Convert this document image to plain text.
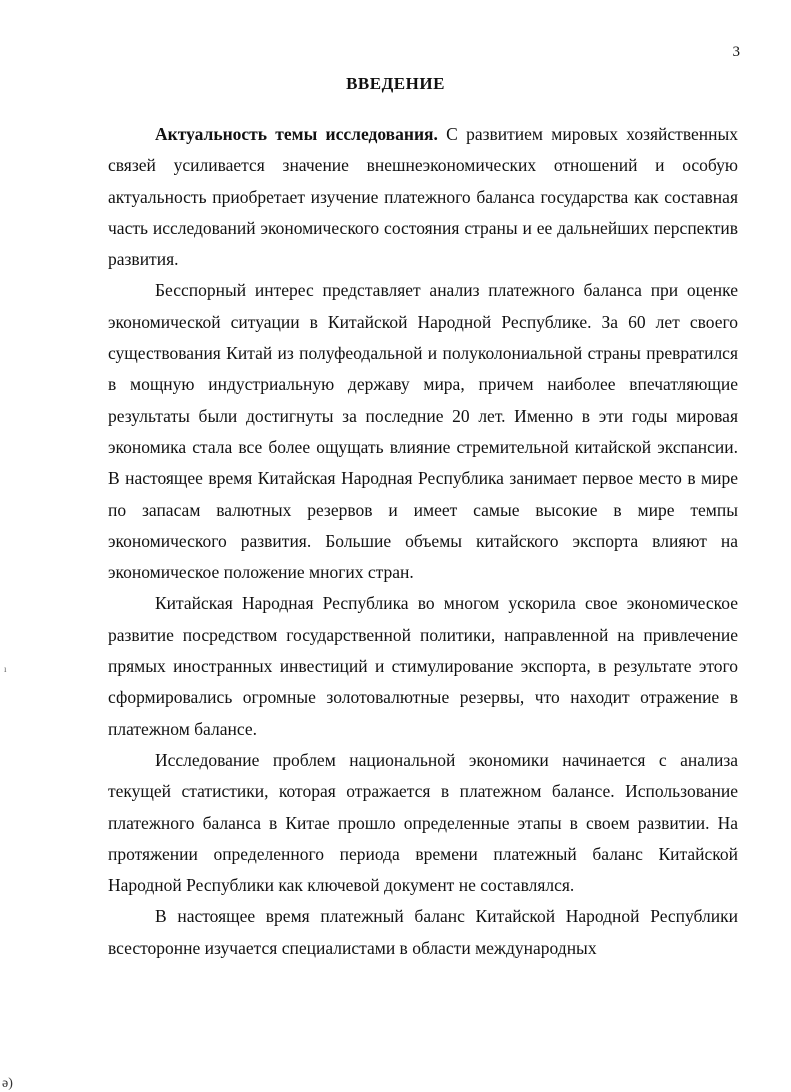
3
ВВЕДЕНИЕ

Актуальность темы исследования. С развитием мировых хозяйственных связей усиливается значение внешнеэкономических отношений и особую актуальность приобретает изучение платежного баланса государства как составная часть исследований экономического состояния страны и ее дальнейших перспектив развития.

Бесспорный интерес представляет анализ платежного баланса при оценке экономической ситуации в Китайской Народной Республике. За 60 лет своего существования Китай из полуфеодальной и полуколониальной страны превратился в мощную индустриальную державу мира, причем наиболее впечатляющие результаты были достигнуты за последние 20 лет. Именно в эти годы мировая экономика стала все более ощущать влияние стремительной китайской экспансии. В настоящее время Китайская Народная Республика занимает первое место в мире по запасам валютных резервов и имеет самые высокие в мире темпы экономического развития. Большие объемы китайского экспорта влияют на экономическое положение многих стран.

Китайская Народная Республика во многом ускорила свое экономическое развитие посредством государственной политики, направленной на привлечение прямых иностранных инвестиций и стимулирование экспорта, в результате этого сформировались огромные золотовалютные резервы, что находит отражение в платежном балансе.

Исследование проблем национальной экономики начинается с анализа текущей статистики, которая отражается в платежном балансе. Использование платежного баланса в Китае прошло определенные этапы в своем развитии. На протяжении определенного периода времени платежный баланс Китайской Народной Республики как ключевой документ не составлялся.

В настоящее время платежный баланс Китайской Народной Республики всесторонне изучается специалистами в области международных

ı
ə)
